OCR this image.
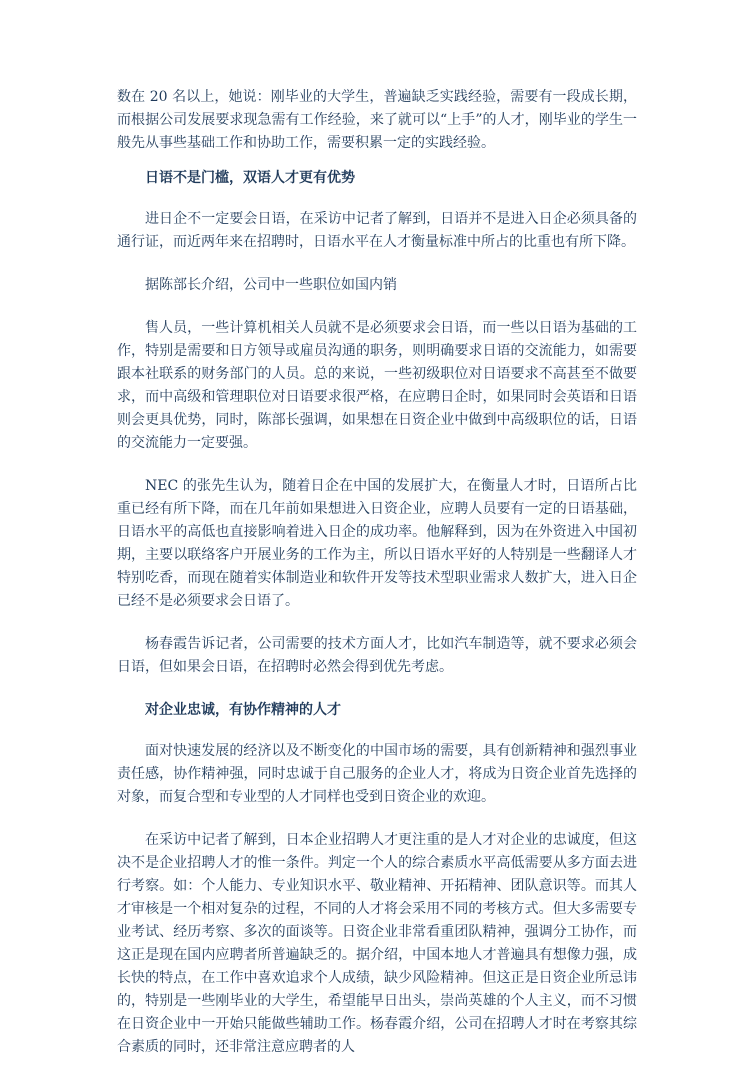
数在 20 名以上，她说：刚毕业的大学生，普遍缺乏实践经验，需要有一段成长期，而根据公司发展要求现急需有工作经验，来了就可以“上手”的人才，刚毕业的学生一般先从事些基础工作和协助工作，需要积累一定的实践经验。

日语不是门槛，双语人才更有优势

进日企不一定要会日语，在采访中记者了解到，日语并不是进入日企必须具备的通行证，而近两年来在招聘时，日语水平在人才衡量标准中所占的比重也有所下降。

据陈部长介绍，公司中一些职位如国内销

售人员，一些计算机相关人员就不是必须要求会日语，而一些以日语为基础的工作，特别是需要和日方领导或雇员沟通的职务，则明确要求日语的交流能力，如需要跟本社联系的财务部门的人员。总的来说，一些初级职位对日语要求不高甚至不做要求，而中高级和管理职位对日语要求很严格，在应聘日企时，如果同时会英语和日语则会更具优势，同时，陈部长强调，如果想在日资企业中做到中高级职位的话，日语的交流能力一定要强。

NEC 的张先生认为，随着日企在中国的发展扩大，在衡量人才时，日语所占比重已经有所下降，而在几年前如果想进入日资企业，应聘人员要有一定的日语基础，日语水平的高低也直接影响着进入日企的成功率。他解释到，因为在外资进入中国初期，主要以联络客户开展业务的工作为主，所以日语水平好的人特别是一些翻译人才特别吃香，而现在随着实体制造业和软件开发等技术型职业需求人数扩大，进入日企已经不是必须要求会日语了。

杨春霞告诉记者，公司需要的技术方面人才，比如汽车制造等，就不要求必须会日语，但如果会日语，在招聘时必然会得到优先考虑。

对企业忠诚，有协作精神的人才

面对快速发展的经济以及不断变化的中国市场的需要，具有创新精神和强烈事业责任感，协作精神强，同时忠诚于自己服务的企业人才，将成为日资企业首先选择的对象，而复合型和专业型的人才同样也受到日资企业的欢迎。

在采访中记者了解到，日本企业招聘人才更注重的是人才对企业的忠诚度，但这决不是企业招聘人才的惟一条件。判定一个人的综合素质水平高低需要从多方面去进行考察。如：个人能力、专业知识水平、敬业精神、开拓精神、团队意识等。而其人才审核是一个相对复杂的过程，不同的人才将会采用不同的考核方式。但大多需要专业考试、经历考察、多次的面谈等。日资企业非常看重团队精神，强调分工协作，而这正是现在国内应聘者所普遍缺乏的。据介绍，中国本地人才普遍具有想像力强，成长快的特点，在工作中喜欢追求个人成绩，缺少风险精神。但这正是日资企业所忌讳的，特别是一些刚毕业的大学生，希望能早日出头，崇尚英雄的个人主义，而不习惯在日资企业中一开始只能做些辅助工作。杨春霞介绍，公司在招聘人才时在考察其综合素质的同时，还非常注意应聘者的人
